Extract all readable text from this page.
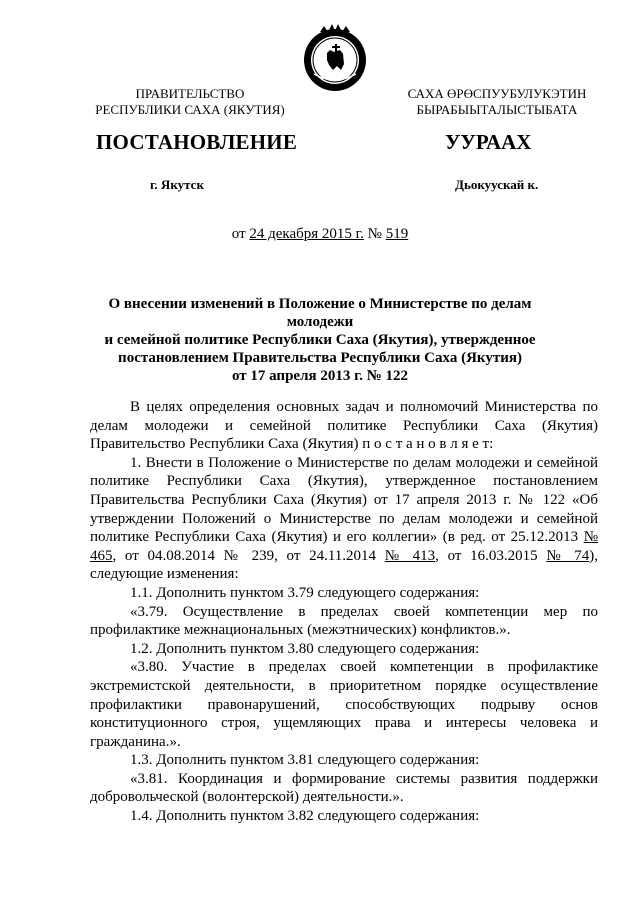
ПРАВИТЕЛЬСТВО
РЕСПУБЛИКИ САХА (ЯКУТИЯ)
САХА ӨРӨСПУУБУЛУКЭТИН
БЫРАБЫЫТАЛЫСТЫБАТА
ПОСТАНОВЛЕНИЕ	УУРААХ
г. Якутск	Дьокуускай к.
от 24 декабря 2015 г. № 519
О внесении изменений в Положение о Министерстве по делам молодежи
и семейной политике Республики Саха (Якутия), утвержденное
постановлением Правительства Республики Саха (Якутия)
от 17 апреля 2013 г. № 122

В целях определения основных задач и полномочий Министерства по делам молодежи и семейной политике Республики Саха (Якутия) Правительство Республики Саха (Якутия) п о с т а н о в л я е т:

1. Внести в Положение о Министерстве по делам молодежи и семейной политике Республики Саха (Якутия), утвержденное постановлением Правительства Республики Саха (Якутия) от 17 апреля 2013 г. № 122 «Об утверждении Положений о Министерстве по делам молодежи и семейной политике Республики Саха (Якутия) и его коллегии» (в ред. от 25.12.2013 № 465, от 04.08.2014 № 239, от 24.11.2014 № 413, от 16.03.2015 № 74), следующие изменения:

1.1. Дополнить пунктом 3.79 следующего содержания:

«3.79. Осуществление в пределах своей компетенции мер по профилактике межнациональных (межэтнических) конфликтов.».

1.2. Дополнить пунктом 3.80 следующего содержания:

«3.80. Участие в пределах своей компетенции в профилактике экстремистской деятельности, в приоритетном порядке осуществление профилактики правонарушений, способствующих подрыву основ конституционного строя, ущемляющих права и интересы человека и гражданина.».

1.3. Дополнить пунктом 3.81 следующего содержания:

«3.81. Координация и формирование системы развития поддержки добровольческой (волонтерской) деятельности.».

1.4. Дополнить пунктом 3.82 следующего содержания:
